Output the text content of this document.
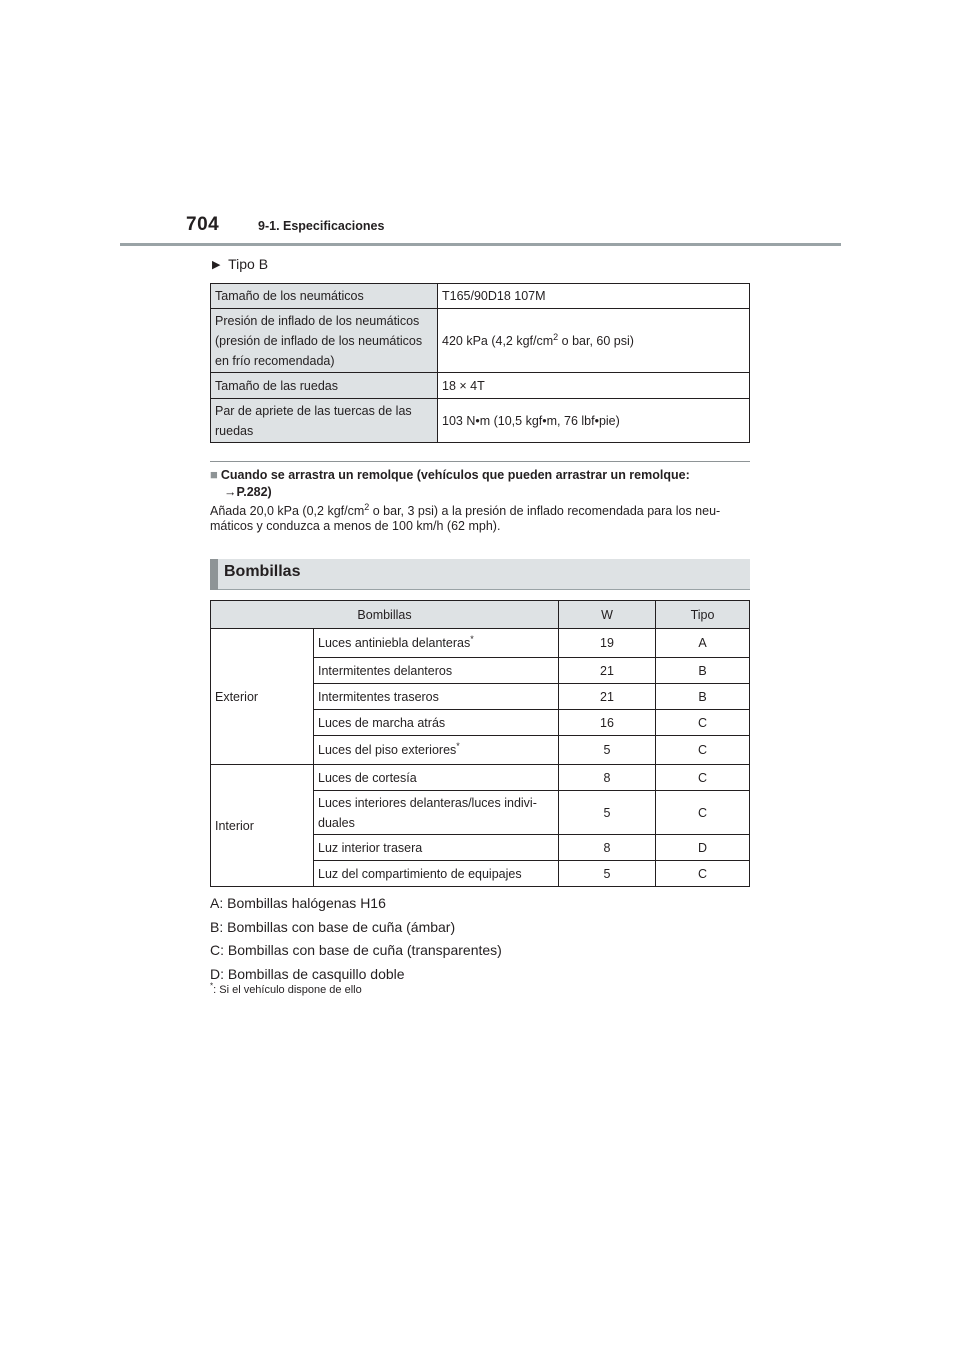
704	9-1. Especificaciones
▶ Tipo B
Tamaño de los neumáticos	T165/90D18 107M

Presión de inflado de los neumáticos
(presión de inflado de los neumáticos
en frío recomendada)	420 kPa (4,2 kgf/$cm^2$ o bar, 60 psi)
Tamaño de las ruedas	18 × 4T

Par de apriete de las tuercas de las
ruedas	103 N•m (10,5 kgf•m, 76 lbf•pie)
■ Cuando se arrastra un remolque (vehículos que pueden arrastrar un remolque:
→P.282)
Añada 20,0 kPa (0,2 kgf/$cm^2$ o bar, 3 psi) a la presión de inflado recomendada para los neu-
máticos y conduzca a menos de 100 km/h (62 mph).
Bombillas
Bombillas		W	Tipo
Exterior	Luces antiniebla delanteras*	19	A
	Intermitentes delanteros	21	B
	Intermitentes traseros	21	B
	Luces de marcha atrás	16	C
	Luces del piso exteriores*	5	C
Interior	Luces de cortesía	8	C

	Luces interiores delanteras/luces indivi-
duales	5	C
	Luz interior trasera	8	D
	Luz del compartimiento de equipajes	5	C
A: Bombillas halógenas H16
B: Bombillas con base de cuña (ámbar)
C: Bombillas con base de cuña (transparentes)
D: Bombillas de casquillo doble
*: Si el vehículo dispone de ello
